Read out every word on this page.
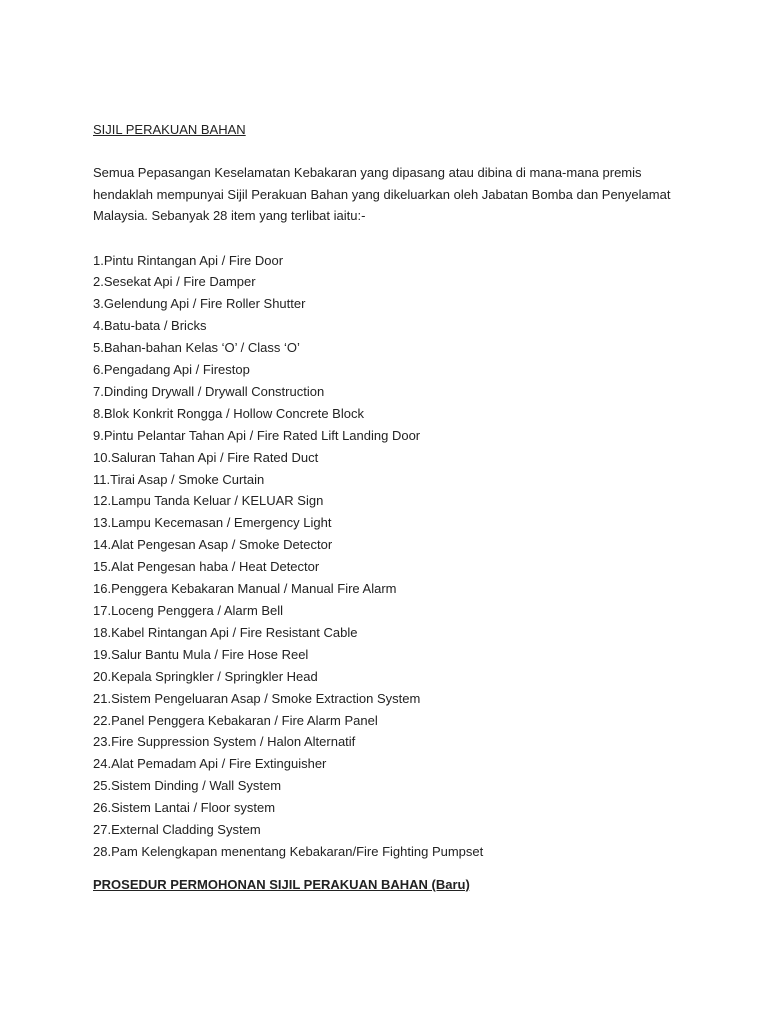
SIJIL PERAKUAN BAHAN

Semua Pepasangan Keselamatan Kebakaran yang dipasang atau dibina di mana-mana premis hendaklah mempunyai Sijil Perakuan Bahan yang dikeluarkan oleh Jabatan Bomba dan Penyelamat Malaysia. Sebanyak 28 item yang terlibat iaitu:-

1.Pintu Rintangan Api / Fire Door
2.Sesekat Api / Fire Damper
3.Gelendung Api / Fire Roller Shutter
4.Batu-bata / Bricks
5.Bahan-bahan Kelas ‘O’ / Class ‘O’
6.Pengadang Api / Firestop
7.Dinding Drywall / Drywall Construction
8.Blok Konkrit Rongga / Hollow Concrete Block
9.Pintu Pelantar Tahan Api / Fire Rated Lift Landing Door
10.Saluran Tahan Api / Fire Rated Duct
11.Tirai Asap / Smoke Curtain
12.Lampu Tanda Keluar / KELUAR Sign
13.Lampu Kecemasan / Emergency Light
14.Alat Pengesan Asap / Smoke Detector
15.Alat Pengesan haba / Heat Detector
16.Penggera Kebakaran Manual / Manual Fire Alarm
17.Loceng Penggera / Alarm Bell
18.Kabel Rintangan Api / Fire Resistant Cable
19.Salur Bantu Mula / Fire Hose Reel
20.Kepala Springkler / Springkler Head
21.Sistem Pengeluaran Asap / Smoke Extraction System
22.Panel Penggera Kebakaran / Fire Alarm Panel
23.Fire Suppression System / Halon Alternatif
24.Alat Pemadam Api / Fire Extinguisher
25.Sistem Dinding / Wall System
26.Sistem Lantai / Floor system
27.External Cladding System
28.Pam Kelengkapan menentang Kebakaran/Fire Fighting Pumpset
PROSEDUR PERMOHONAN SIJIL PERAKUAN BAHAN (Baru)
